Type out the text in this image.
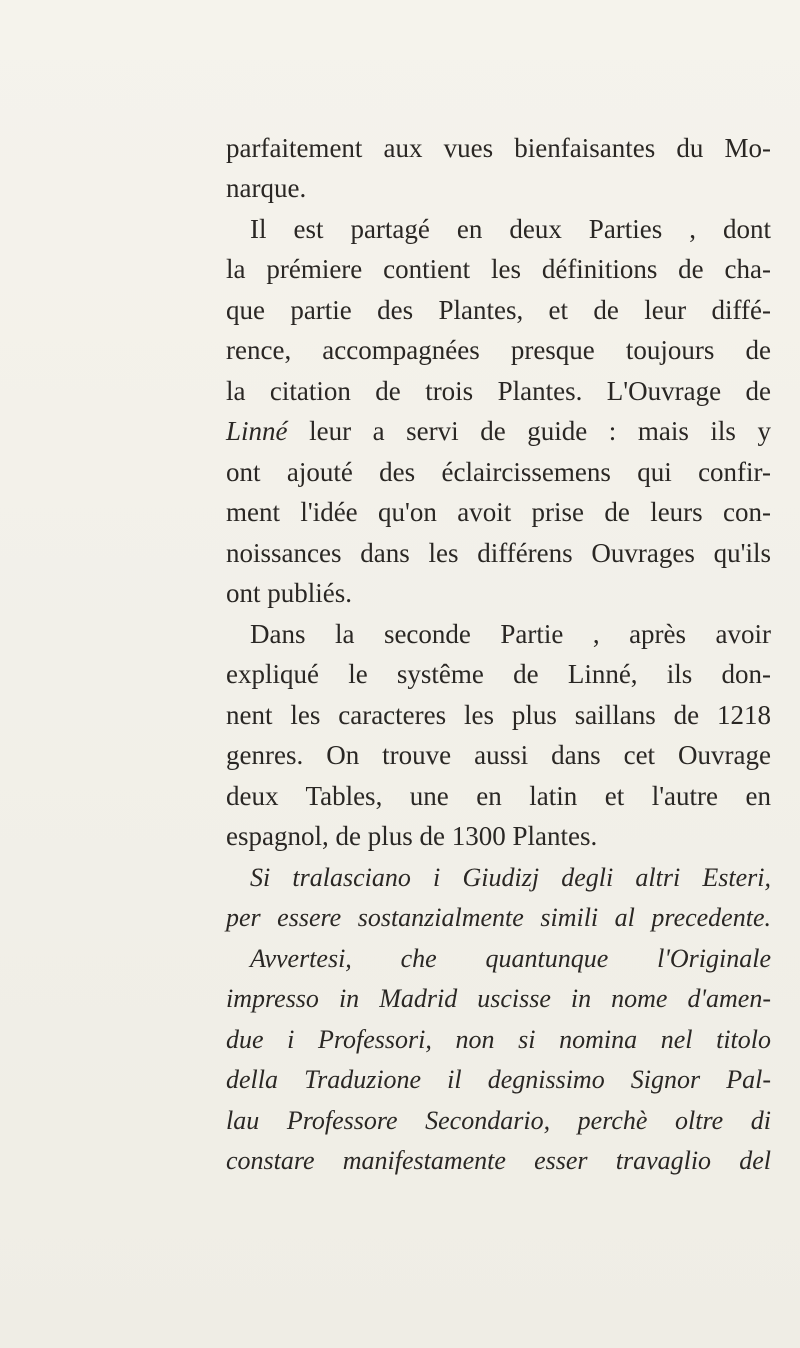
parfaitement aux vues bienfaisantes du Mo-
narque.
Il est partagé en deux Parties , dont
la prémiere contient les définitions de cha-
que partie des Plantes, et de leur diffé-
rence, accompagnées presque toujours de
la citation de trois Plantes. L'Ouvrage de
Linné leur a servi de guide : mais ils y
ont ajouté des éclaircissemens qui confir-
ment l'idée qu'on avoit prise de leurs con-
noissances dans les différens Ouvrages qu'ils
ont publiés.
Dans la seconde Partie , après avoir
expliqué le systême de Linné, ils don-
nent les caracteres les plus saillans de 1218
genres. On trouve aussi dans cet Ouvrage
deux Tables, une en latin et l'autre en
espagnol, de plus de 1300 Plantes.
Si tralasciano i Giudizj degli altri Esteri,
per essere sostanzialmente simili al precedente.
Avvertesi, che quantunque l'Originale
impresso in Madrid uscisse in nome d'amen-
due i Professori, non si nomina nel titolo
della Traduzione il degnissimo Signor Pal-
lau Professore Secondario, perchè oltre di
constare manifestamente esser travaglio del
